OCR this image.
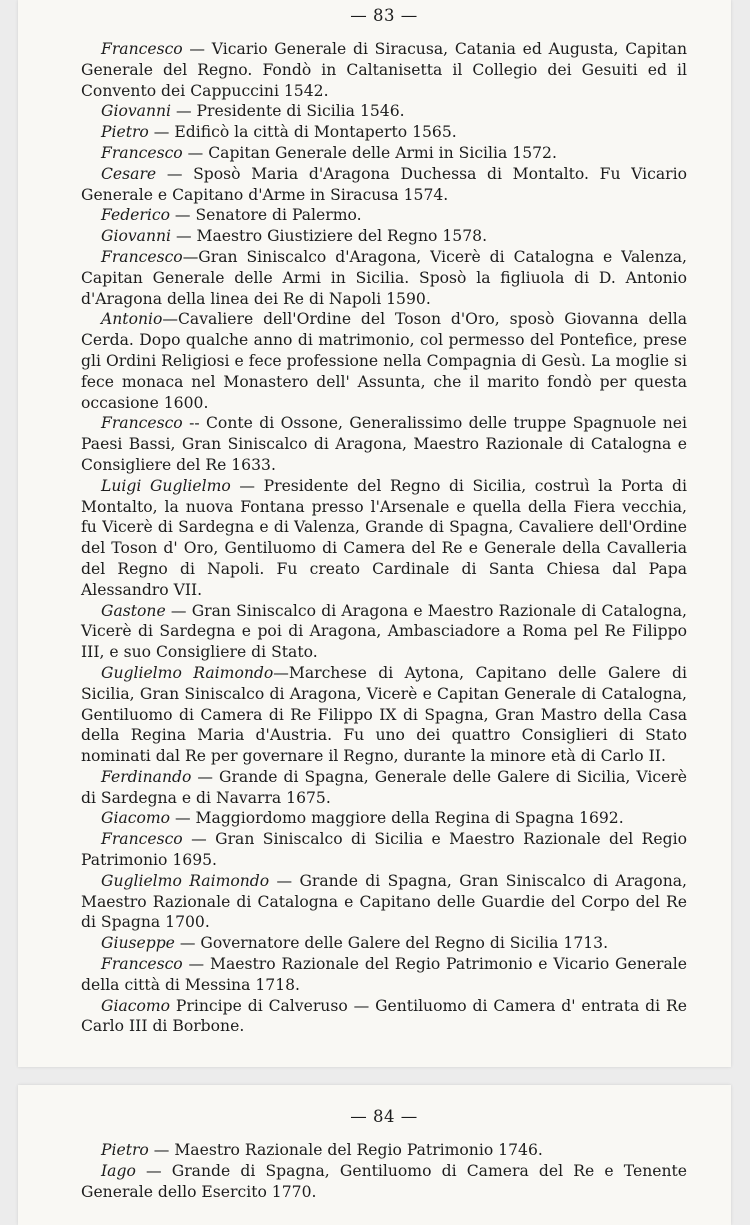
— 83 —

Francesco — Vicario Generale di Siracusa, Catania ed Augusta, Capitan Generale del Regno. Fondò in Caltanisetta il Collegio dei Gesuiti ed il Convento dei Cappuccini 1542.

Giovanni — Presidente di Sicilia 1546.

Pietro — Edificò la città di Montaperto 1565.

Francesco — Capitan Generale delle Armi in Sicilia 1572.

Cesare — Sposò Maria d'Aragona Duchessa di Montalto. Fu Vicario Generale e Capitano d'Arme in Siracusa 1574.

Federico — Senatore di Palermo.

Giovanni — Maestro Giustiziere del Regno 1578.

Francesco—Gran Siniscalco d'Aragona, Vicerè di Catalogna e Valenza, Capitan Generale delle Armi in Sicilia. Sposò la figliuola di D. Antonio d'Aragona della linea dei Re di Napoli 1590.

Antonio—Cavaliere dell'Ordine del Toson d'Oro, sposò Giovanna della Cerda. Dopo qualche anno di matrimonio, col permesso del Pontefice, prese gli Ordini Religiosi e fece professione nella Compagnia di Gesù. La moglie si fece monaca nel Monastero dell' Assunta, che il marito fondò per questa occasione 1600.

Francesco -- Conte di Ossone, Generalissimo delle truppe Spagnuole nei Paesi Bassi, Gran Siniscalco di Aragona, Maestro Razionale di Catalogna e Consigliere del Re 1633.

Luigi Guglielmo — Presidente del Regno di Sicilia, costruì la Porta di Montalto, la nuova Fontana presso l'Arsenale e quella della Fiera vecchia, fu Vicerè di Sardegna e di Valenza, Grande di Spagna, Cavaliere dell'Ordine del Toson d' Oro, Gentiluomo di Camera del Re e Generale della Cavalleria del Regno di Napoli. Fu creato Cardinale di Santa Chiesa dal Papa Alessandro VII.

Gastone — Gran Siniscalco di Aragona e Maestro Razionale di Catalogna, Vicerè di Sardegna e poi di Aragona, Ambasciadore a Roma pel Re Filippo III, e suo Consigliere di Stato.

Guglielmo Raimondo—Marchese di Aytona, Capitano delle Galere di Sicilia, Gran Siniscalco di Aragona, Vicerè e Capitan Generale di Catalogna, Gentiluomo di Camera di Re Filippo IX di Spagna, Gran Mastro della Casa della Regina Maria d'Austria. Fu uno dei quattro Consiglieri di Stato nominati dal Re per governare il Regno, durante la minore età di Carlo II.

Ferdinando — Grande di Spagna, Generale delle Galere di Sicilia, Vicerè di Sardegna e di Navarra 1675.

Giacomo — Maggiordomo maggiore della Regina di Spagna 1692.

Francesco — Gran Siniscalco di Sicilia e Maestro Razionale del Regio Patrimonio 1695.

Guglielmo Raimondo — Grande di Spagna, Gran Siniscalco di Aragona, Maestro Razionale di Catalogna e Capitano delle Guardie del Corpo del Re di Spagna 1700.

Giuseppe — Governatore delle Galere del Regno di Sicilia 1713.

Francesco — Maestro Razionale del Regio Patrimonio e Vicario Generale della città di Messina 1718.

Giacomo Principe di Calveruso — Gentiluomo di Camera d' entrata di Re Carlo III di Borbone.

— 84 —

Pietro — Maestro Razionale del Regio Patrimonio 1746.

Iago — Grande di Spagna, Gentiluomo di Camera del Re e Tenente Generale dello Esercito 1770.
